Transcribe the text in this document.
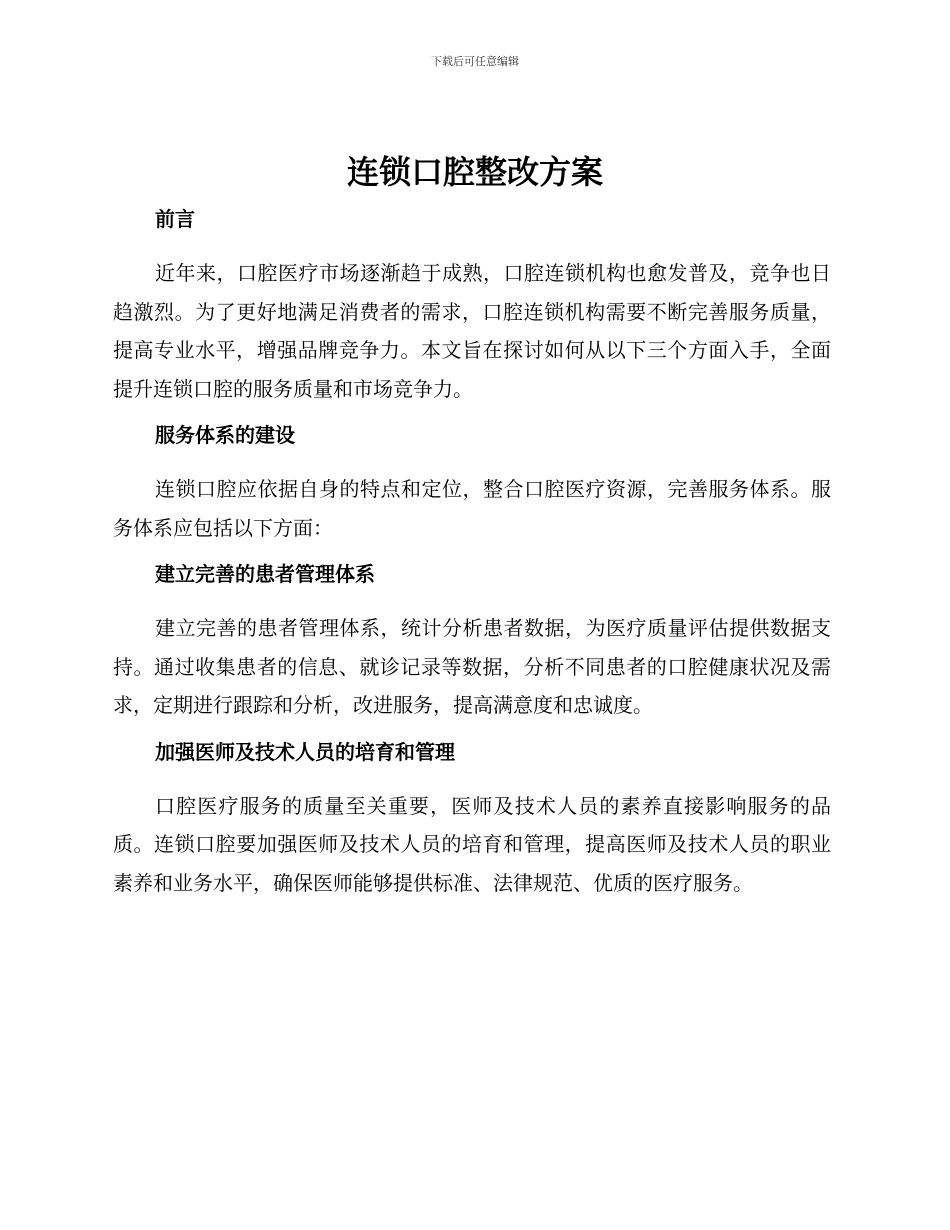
下载后可任意编辑
连锁口腔整改方案

前言

近年来，口腔医疗市场逐渐趋于成熟，口腔连锁机构也愈发普及，竞争也日趋激烈。为了更好地满足消费者的需求，口腔连锁机构需要不断完善服务质量，提高专业水平，增强品牌竞争力。本文旨在探讨如何从以下三个方面入手，全面提升连锁口腔的服务质量和市场竞争力。

服务体系的建设

连锁口腔应依据自身的特点和定位，整合口腔医疗资源，完善服务体系。服务体系应包括以下方面：

建立完善的患者管理体系

建立完善的患者管理体系，统计分析患者数据，为医疗质量评估提供数据支持。通过收集患者的信息、就诊记录等数据，分析不同患者的口腔健康状况及需求，定期进行跟踪和分析，改进服务，提高满意度和忠诚度。

加强医师及技术人员的培育和管理

口腔医疗服务的质量至关重要，医师及技术人员的素养直接影响服务的品质。连锁口腔要加强医师及技术人员的培育和管理，提高医师及技术人员的职业素养和业务水平，确保医师能够提供标准、法律规范、优质的医疗服务。
